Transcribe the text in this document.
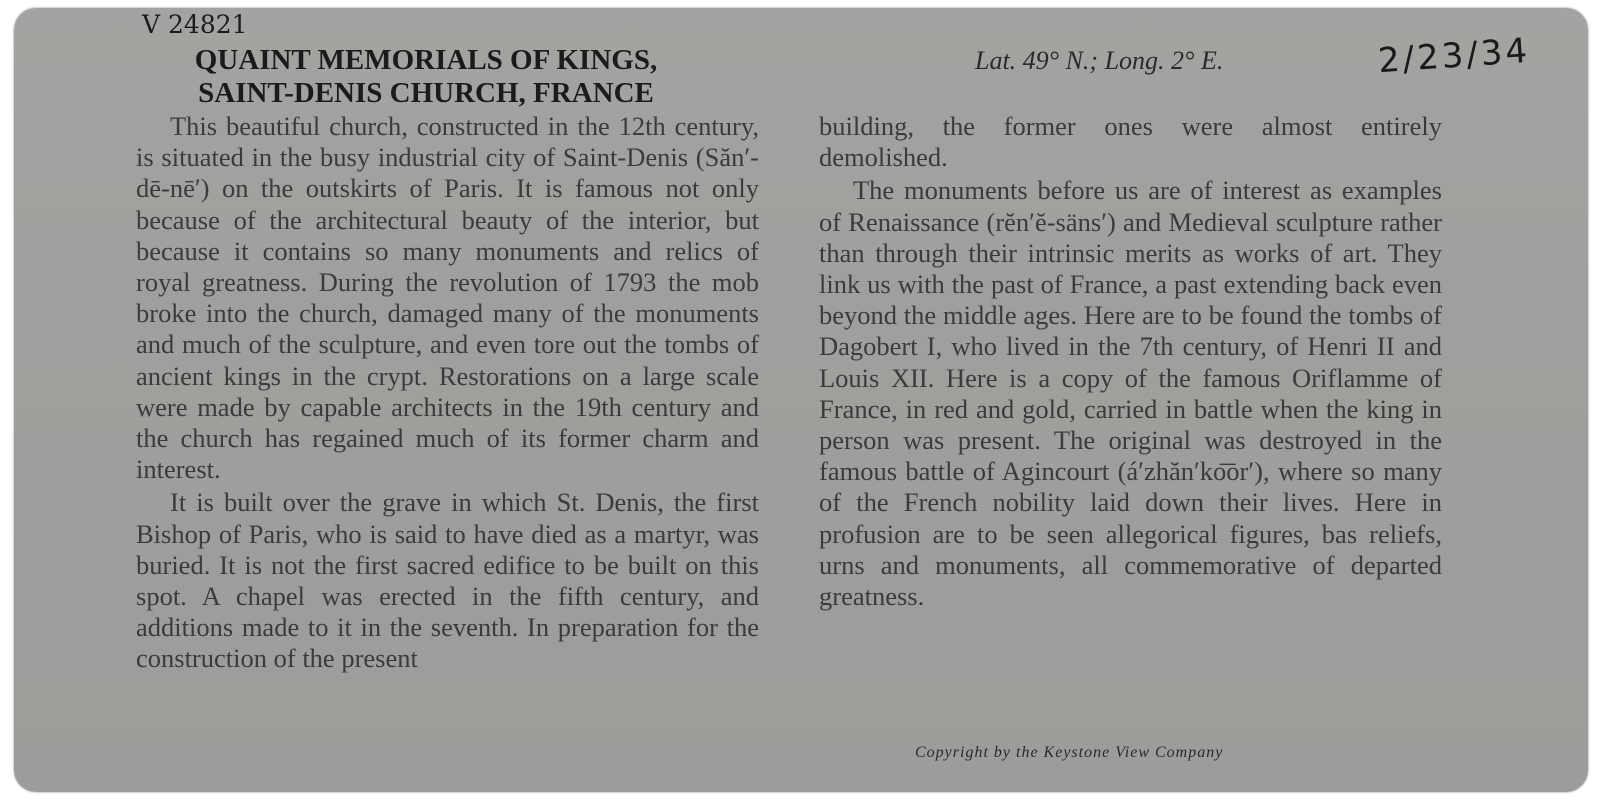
V 24821
QUAINT MEMORIALS OF KINGS,
SAINT-DENIS CHURCH, FRANCE
Lat. 49° N.; Long. 2° E.	2/23/34

This beautiful church, constructed in the 12th century, is situated in the busy industrial city of Saint-Denis (Săn′-dē-nē′) on the outskirts of Paris. It is famous not only because of the architectural beauty of the interior, but because it contains so many monuments and relics of royal greatness. During the revolution of 1793 the mob broke into the church, damaged many of the monuments and much of the sculpture, and even tore out the tombs of ancient kings in the crypt. Restorations on a large scale were made by capable architects in the 19th century and the church has regained much of its former charm and interest.

It is built over the grave in which St. Denis, the first Bishop of Paris, who is said to have died as a martyr, was buried. It is not the first sacred edifice to be built on this spot. A chapel was erected in the fifth century, and additions made to it in the seventh. In preparation for the construction of the present

building, the former ones were almost entirely demolished.

The monuments before us are of interest as examples of Renaissance (rĕn′ĕ-säns′) and Medieval sculpture rather than through their intrinsic merits as works of art. They link us with the past of France, a past extending back even beyond the middle ages. Here are to be found the tombs of Dagobert I, who lived in the 7th century, of Henri II and Louis XII. Here is a copy of the famous Oriflamme of France, in red and gold, carried in battle when the king in person was present. The original was destroyed in the famous battle of Agincourt (á′zhăn′ko͞or′), where so many of the French nobility laid down their lives. Here in profusion are to be seen allegorical figures, bas reliefs, urns and monuments, all commemorative of departed greatness.

Copyright by the Keystone View Company
